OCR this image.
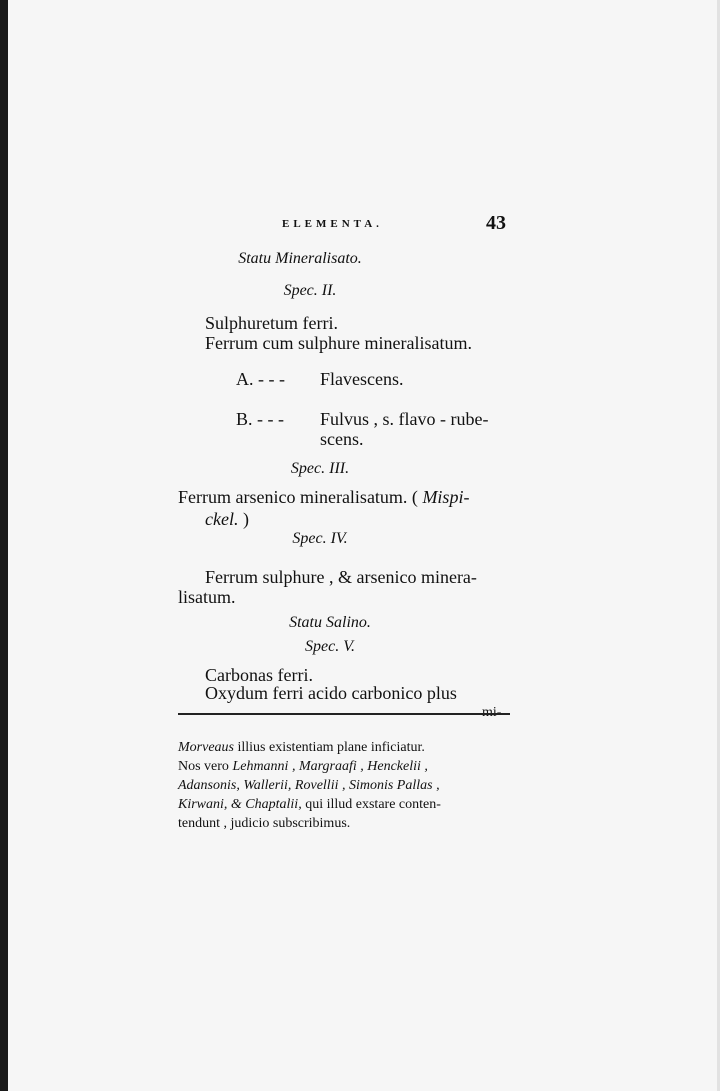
ELEMENTA.	43
Statu Mineralisato.
Spec. II.
Sulphuretum ferri.
Ferrum cum sulphure mineralisatum.
A. - - - Flavescens.
B. - - - Fulvus , s. flavo - rube-
scens.
Spec. III.
Ferrum arsenico mineralisatum. ( Mispi-
ckel. )
Spec. IV.
Ferrum sulphure , & arsenico minera-
lisatum.
Statu Salino.
Spec. V.
Carbonas ferri.
Oxydum ferri acido carbonico plus
Morveaus illius existentiam plane inficiatur.
Nos vero Lehmanni , Margraafi , Henckelii ,
Adansonis, Wallerii, Rovellii , Simonis Pallas ,
Kirwani, & Chaptalii, qui illud exstare conten-
tendunt , judicio subscribimus.
